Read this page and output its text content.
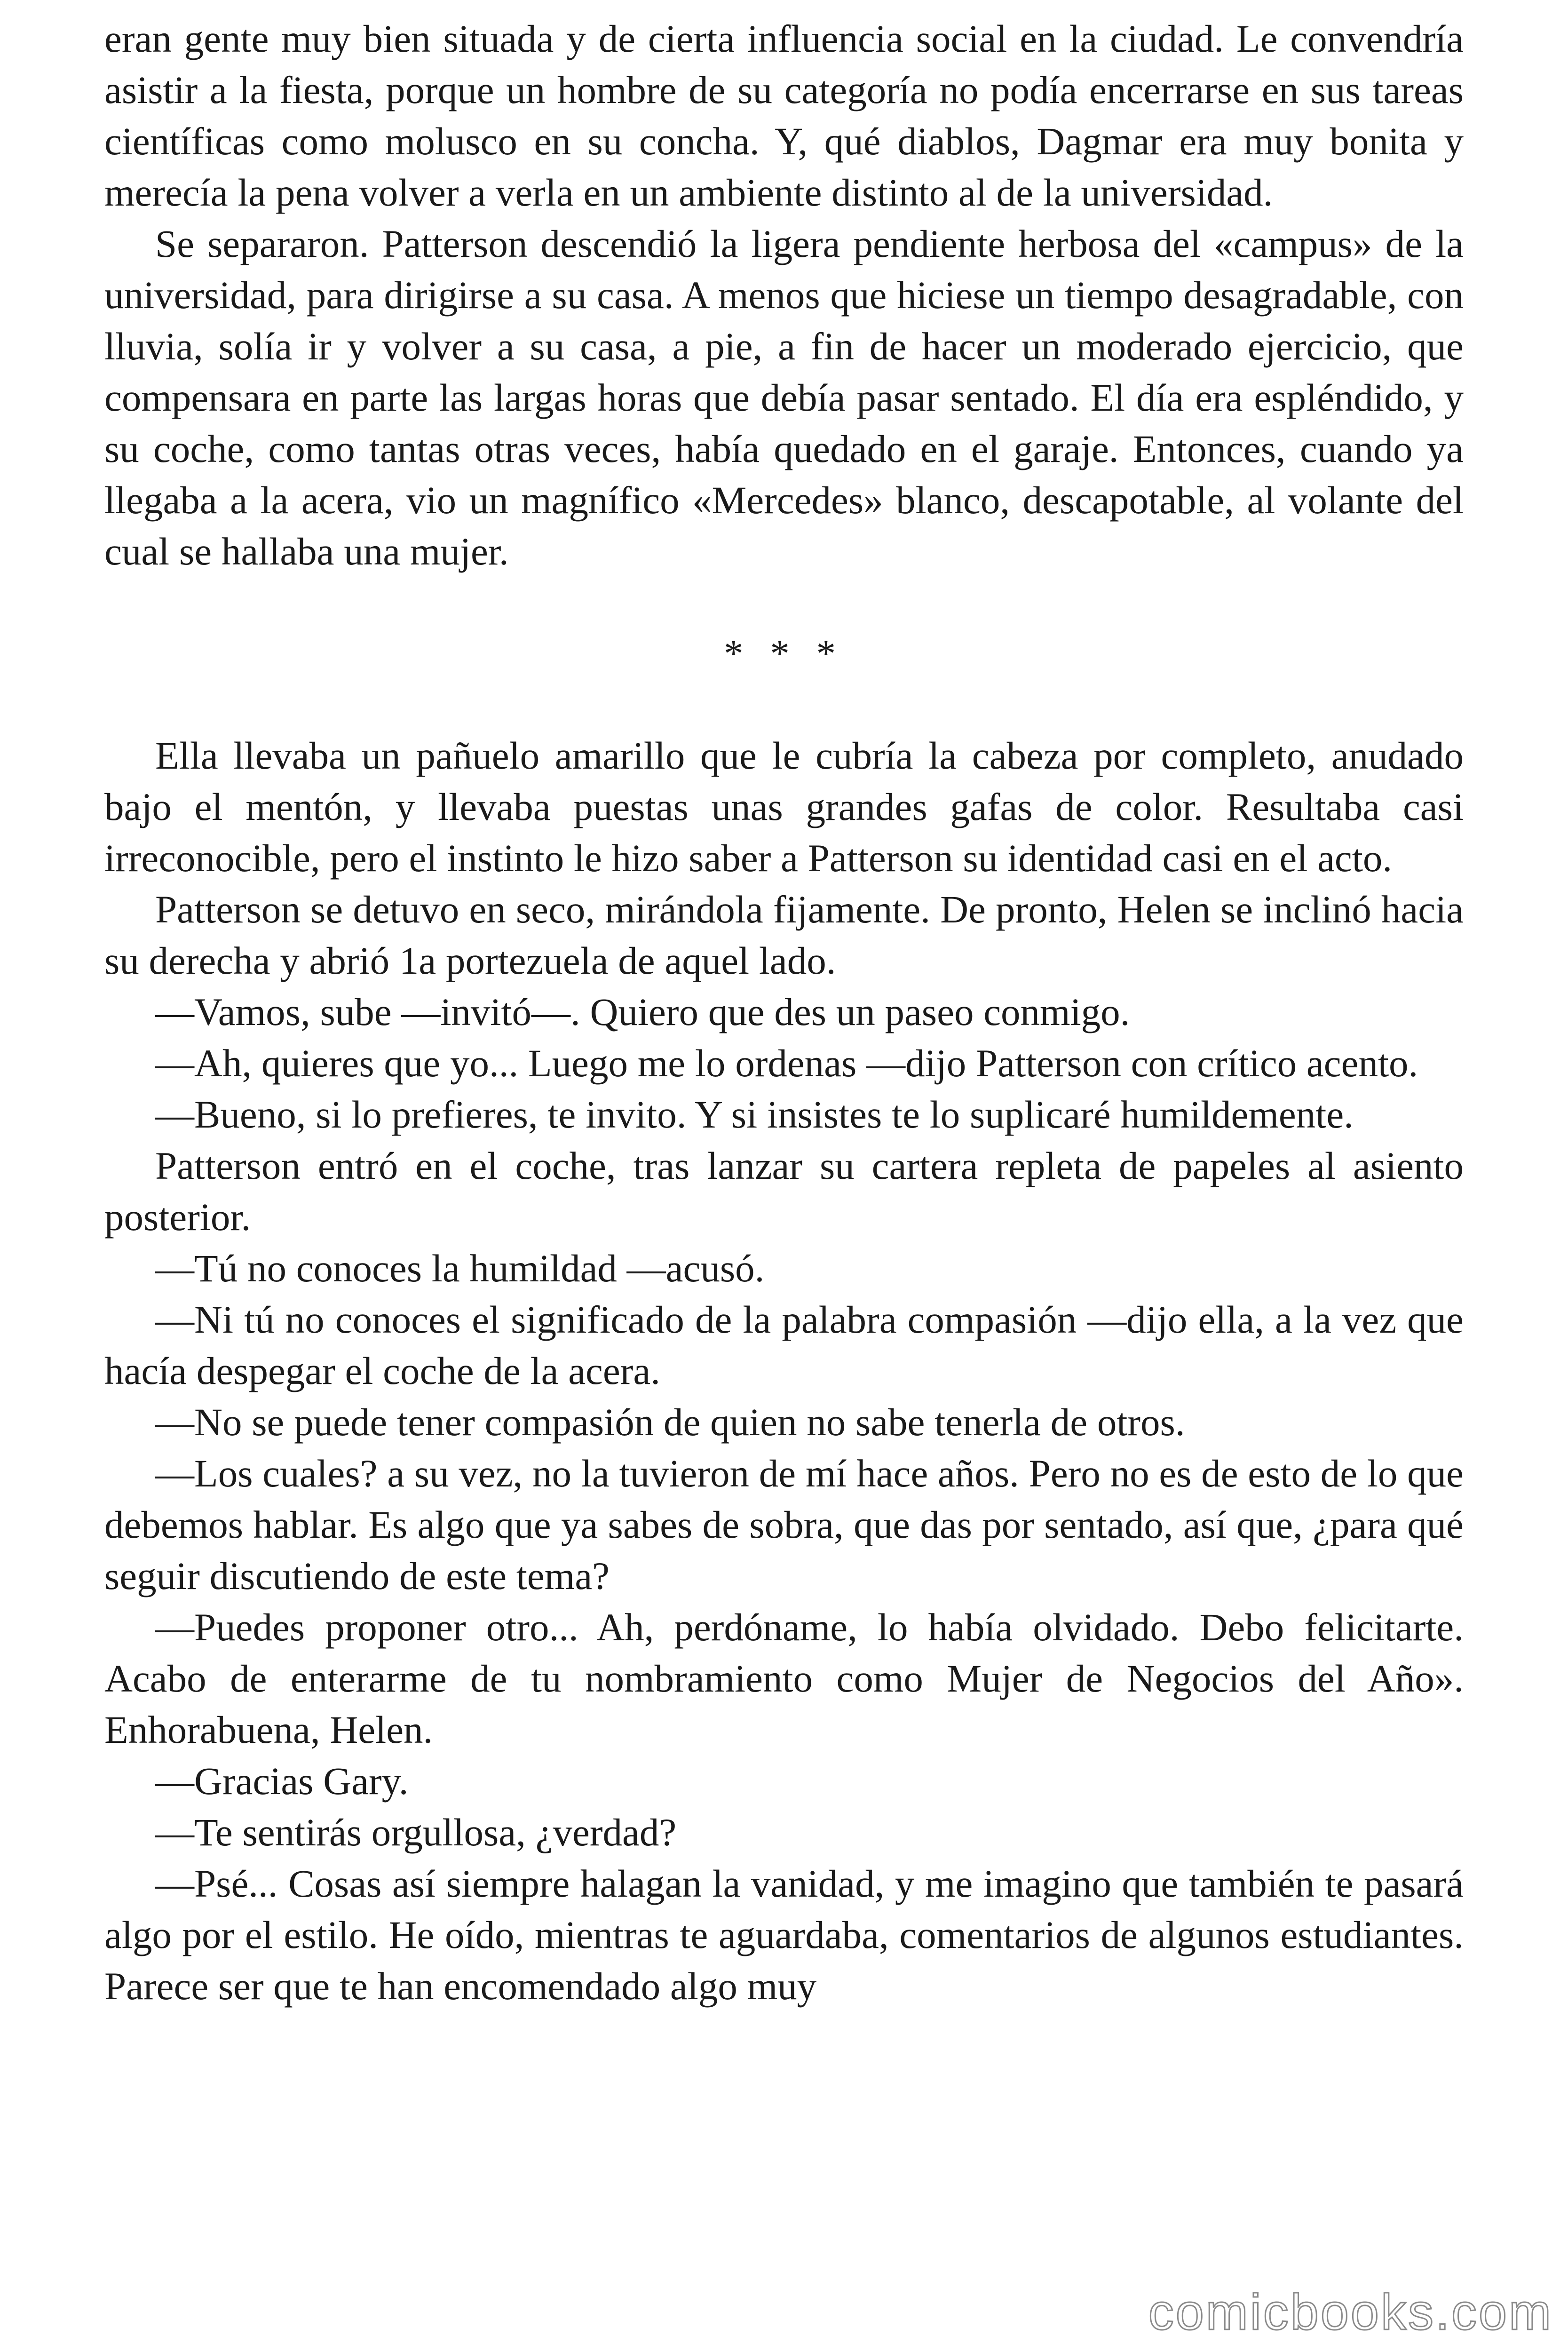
eran gente muy bien situada y de cierta influencia social en la ciudad. Le convendría asistir a la fiesta, porque un hombre de su categoría no podía encerrarse en sus tareas científicas como molusco en su concha. Y, qué diablos, Dagmar era muy bonita y merecía la pena volver a verla en un ambiente distinto al de la universidad.

Se separaron. Patterson descendió la ligera pendiente herbosa del «campus» de la universidad, para dirigirse a su casa. A menos que hiciese un tiempo desagradable, con lluvia, solía ir y volver a su casa, a pie, a fin de hacer un moderado ejercicio, que compensara en parte las largas horas que debía pasar sentado. El día era espléndido, y su coche, como tantas otras veces, había quedado en el garaje. Entonces, cuando ya llegaba a la acera, vio un magnífico «Mercedes» blanco, descapotable, al volante del cual se hallaba una mujer.

* * *

Ella llevaba un pañuelo amarillo que le cubría la cabeza por completo, anudado bajo el mentón, y llevaba puestas unas grandes gafas de color. Resultaba casi irreconocible, pero el instinto le hizo saber a Patterson su identidad casi en el acto.

Patterson se detuvo en seco, mirándola fijamente. De pronto, Helen se inclinó hacia su derecha y abrió 1a portezuela de aquel lado.

—Vamos, sube —invitó—. Quiero que des un paseo conmigo.

—Ah, quieres que yo... Luego me lo ordenas —dijo Patterson con crítico acento.

—Bueno, si lo prefieres, te invito. Y si insistes te lo suplicaré humildemente.

Patterson entró en el coche, tras lanzar su cartera repleta de papeles al asiento posterior.

—Tú no conoces la humildad —acusó.

—Ni tú no conoces el significado de la palabra compasión —dijo ella, a la vez que hacía despegar el coche de la acera.

—No se puede tener compasión de quien no sabe tenerla de otros.

—Los cuales? a su vez, no la tuvieron de mí hace años. Pero no es de esto de lo que debemos hablar. Es algo que ya sabes de sobra, que das por sentado, así que, ¿para qué seguir discutiendo de este tema?

—Puedes proponer otro... Ah, perdóname, lo había olvidado. Debo felicitarte. Acabo de enterarme de tu nombramiento como Mujer de Negocios del Año». Enhorabuena, Helen.

—Gracias Gary.

—Te sentirás orgullosa, ¿verdad?

—Psé... Cosas así siempre halagan la vanidad, y me imagino que también te pasará algo por el estilo. He oído, mientras te aguardaba, comentarios de algunos estudiantes. Parece ser que te han encomendado algo muy

comicbooks.com
